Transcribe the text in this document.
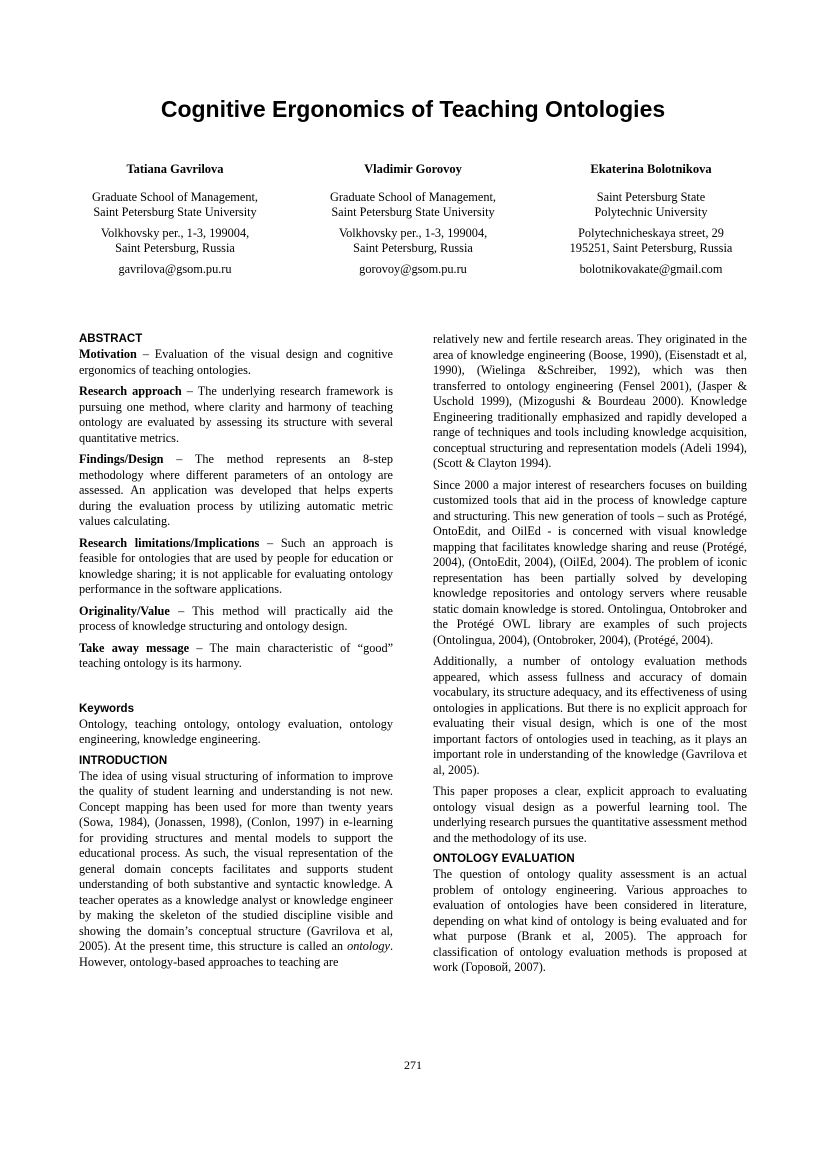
Cognitive Ergonomics of Teaching Ontologies
Tatiana Gavrilova
Graduate School of Management,
Saint Petersburg State University
Volkhovsky per., 1-3, 199004,
Saint Petersburg, Russia
gavrilova@gsom.pu.ru
Vladimir Gorovoy
Graduate School of Management,
Saint Petersburg State University
Volkhovsky per., 1-3, 199004,
Saint Petersburg, Russia
gorovoy@gsom.pu.ru
Ekaterina Bolotnikova
Saint Petersburg State
Polytechnic University
Polytechnicheskaya street, 29
195251, Saint Petersburg, Russia
bolotnikovakate@gmail.com
ABSTRACT

Motivation – Evaluation of the visual design and cognitive ergonomics of teaching ontologies.

Research approach – The underlying research framework is pursuing one method, where clarity and harmony of teaching ontology are evaluated by assessing its structure with several quantitative metrics.

Findings/Design – The method represents an 8-step methodology where different parameters of an ontology are assessed. An application was developed that helps experts during the evaluation process by utilizing automatic metric values calculating.

Research limitations/Implications – Such an approach is feasible for ontologies that are used by people for education or knowledge sharing; it is not applicable for evaluating ontology performance in the software applications.

Originality/Value – This method will practically aid the process of knowledge structuring and ontology design.

Take away message – The main characteristic of “good” teaching ontology is its harmony.

Keywords

Ontology, teaching ontology, ontology evaluation, ontology engineering, knowledge engineering.

INTRODUCTION

The idea of using visual structuring of information to improve the quality of student learning and understanding is not new. Concept mapping has been used for more than twenty years (Sowa, 1984), (Jonassen, 1998), (Conlon, 1997) in e-learning for providing structures and mental models to support the educational process. As such, the visual representation of the general domain concepts facilitates and supports student understanding of both substantive and syntactic knowledge. A teacher operates as a knowledge analyst or knowledge engineer by making the skeleton of the studied discipline visible and showing the domain’s conceptual structure (Gavrilova et al, 2005). At the present time, this structure is called an ontology. However, ontology-based approaches to teaching are

relatively new and fertile research areas. They originated in the area of knowledge engineering (Boose, 1990), (Eisenstadt et al, 1990), (Wielinga &Schreiber, 1992), which was then transferred to ontology engineering (Fensel 2001), (Jasper & Uschold 1999), (Mizogushi & Bourdeau 2000). Knowledge Engineering traditionally emphasized and rapidly developed a range of techniques and tools including knowledge acquisition, conceptual structuring and representation models (Adeli 1994), (Scott & Clayton 1994).

Since 2000 a major interest of researchers focuses on building customized tools that aid in the process of knowledge capture and structuring. This new generation of tools – such as Protégé, OntoEdit, and OilEd - is concerned with visual knowledge mapping that facilitates knowledge sharing and reuse (Protégé, 2004), (OntoEdit, 2004), (OilEd, 2004). The problem of iconic representation has been partially solved by developing knowledge repositories and ontology servers where reusable static domain knowledge is stored. Ontolingua, Ontobroker and the Protégé OWL library are examples of such projects (Ontolingua, 2004), (Ontobroker, 2004), (Protégé, 2004).

Additionally, a number of ontology evaluation methods appeared, which assess fullness and accuracy of domain vocabulary, its structure adequacy, and its effectiveness of using ontologies in applications. But there is no explicit approach for evaluating their visual design, which is one of the most important factors of ontologies used in teaching, as it plays an important role in understanding of the knowledge (Gavrilova et al, 2005).

This paper proposes a clear, explicit approach to evaluating ontology visual design as a powerful learning tool. The underlying research pursues the quantitative assessment method and the methodology of its use.

ONTOLOGY EVALUATION

The question of ontology quality assessment is an actual problem of ontology engineering. Various approaches to evaluation of ontologies have been considered in literature, depending on what kind of ontology is being evaluated and for what purpose (Brank et al, 2005). The approach for classification of ontology evaluation methods is proposed at work (Горовой, 2007).

271
